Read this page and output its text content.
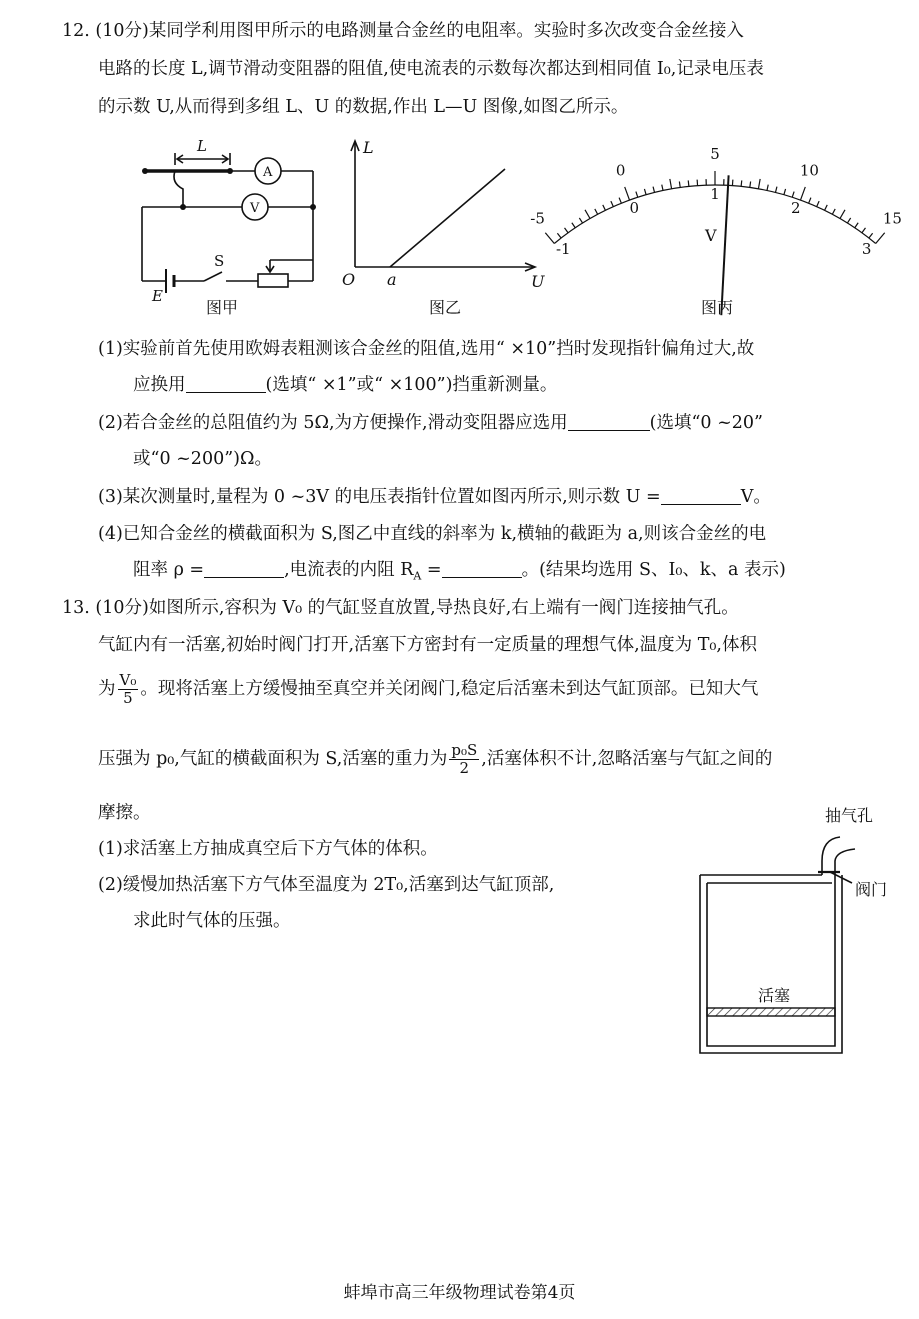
12. (10分)某同学利用图甲所示的电路测量合金丝的电阻率。实验时多次改变合金丝接入
电路的长度 L,调节滑动变阻器的阻值,使电流表的示数每次都达到相同值 I₀,记录电压表
的示数 U,从而得到多组 L、U 的数据,作出 L—U 图像,如图乙所示。
L
A
V
S
E
图甲
L
U
O a
图乙
-5
0
5
10
15
-1
0
1
2
3
V
图丙
(1)实验前首先使用欧姆表粗测该合金丝的阻值,选用“ ×10”挡时发现指针偏角过大,故
应换用	(选填“ ×1”或“ ×100”)挡重新测量。
(2)若合金丝的总阻值约为 5Ω,为方便操作,滑动变阻器应选用	(选填“0 ~20”
或“0 ~200”)Ω。
(3)某次测量时,量程为 0 ~3V 的电压表指针位置如图丙所示,则示数 U =	V。
(4)已知合金丝的横截面积为 S,图乙中直线的斜率为 k,横轴的截距为 a,则该合金丝的电
阻率 ρ =	,电流表的内阻 $R_A$ =	。(结果均选用 S、I₀、k、a 表示)
13. (10分)如图所示,容积为 V₀ 的气缸竖直放置,导热良好,右上端有一阀门连接抽气孔。
气缸内有一活塞,初始时阀门打开,活塞下方密封有一定质量的理想气体,温度为 T₀,体积
为 $\frac{\text{V₀}}{5}$ 。现将活塞上方缓慢抽至真空并关闭阀门,稳定后活塞未到达气缸顶部。已知大气
压强为 p₀,气缸的横截面积为 S,活塞的重力为 $\frac{\text{p₀S}}{2}$ ,活塞体积不计,忽略活塞与气缸之间的
摩擦。
(1)求活塞上方抽成真空后下方气体的体积。
(2)缓慢加热活塞下方气体至温度为 2T₀,活塞到达气缸顶部,
求此时气体的压强。
抽气孔
阀门
活塞
蚌埠市高三年级物理试卷第4页
